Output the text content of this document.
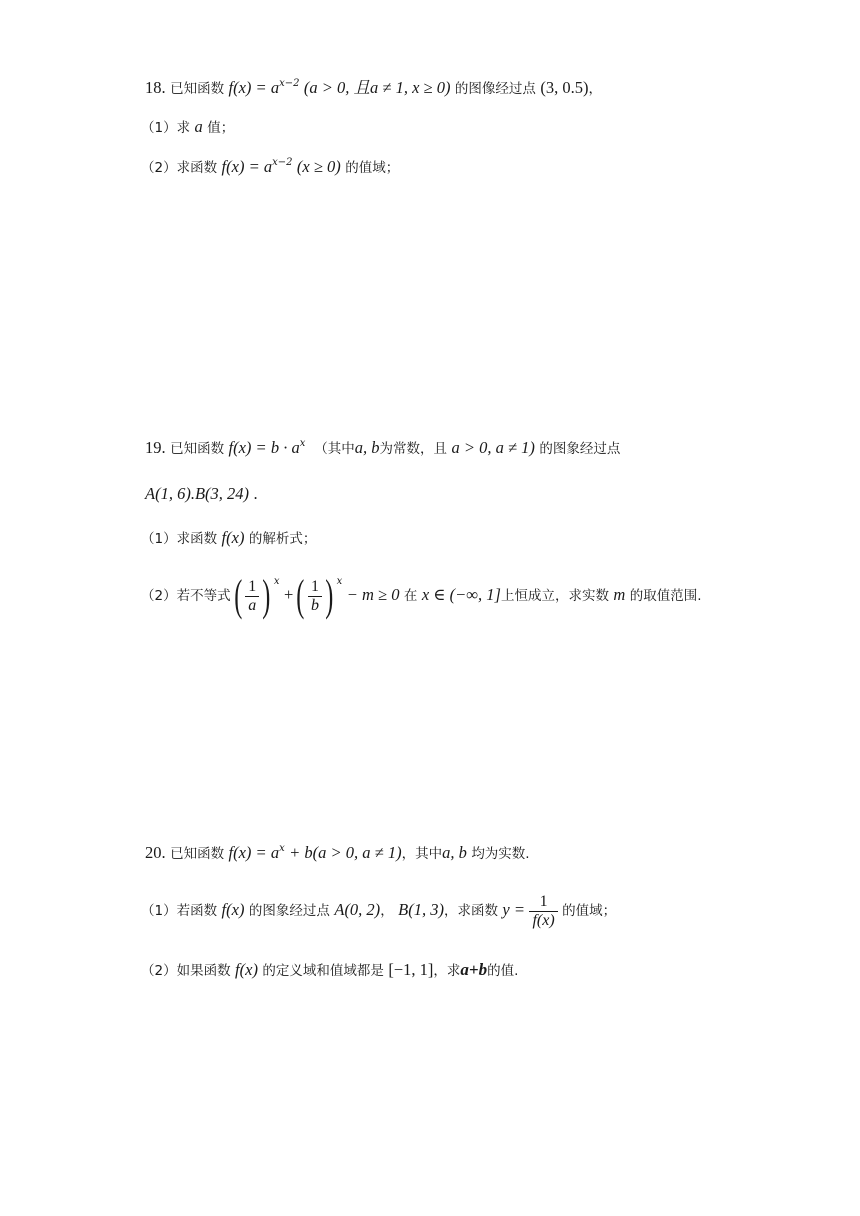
18. 已知函数 $f(x) = a^{x-2}$ (a > 0, 且a ≠ 1, x ≥ 0) 的图像经过点 (3, 0.5)，
（1）求 a 值；
（2）求函数 $f(x) = a^{x-2}$ (x ≥ 0) 的值域；
19. 已知函数 $f(x) = b \cdot a^x$ （其中a, b为常数，且 a > 0, a ≠ 1) 的图象经过点
A(1, 6).B(3, 24) .
（1）求函数 f(x) 的解析式；
（2）若不等式( $\frac{1}{a}$ ) $^x$ +( $\frac{1}{b}$ ) $^x$ − m ≥ 0 在 x ∈ (−∞, 1]上恒成立，求实数 m 的取值范围.
20. 已知函数 $f(x) = a^x + b(a > 0$, a ≠ 1)，其中a, b 均为实数.
（1）若函数 f(x) 的图象经过点 A(0, 2)， B(1, 3)，求函数 $y = \frac{1}{f(x)}$ 的值域；
（2）如果函数 f(x) 的定义域和值域都是 [−1, 1]，求a+b的值.
